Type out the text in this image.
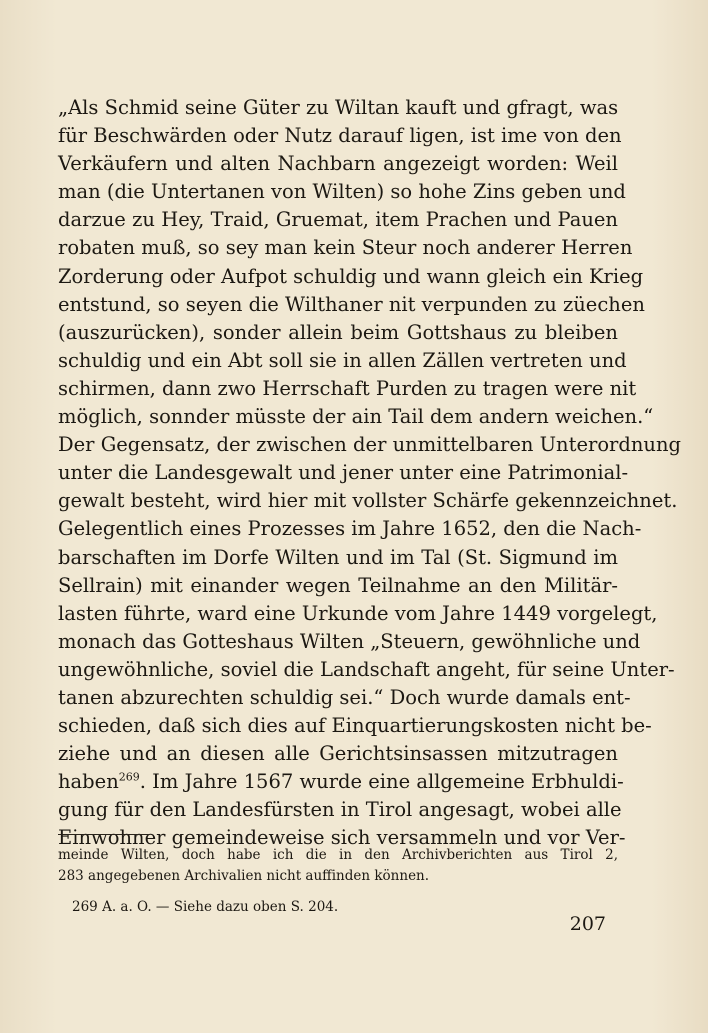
„Als Schmid seine Güter zu Wiltan kauft und gfragt, was
für Beschwärden oder Nutz darauf ligen, ist ime von den
Verkäufern und alten Nachbarn angezeigt worden: Weil
man (die Untertanen von Wilten) so hohe Zins geben und
darzue zu Hey, Traid, Gruemat, item Prachen und Pauen
robaten muß, so sey man kein Steur noch anderer Herren
Zorderung oder Aufpot schuldig und wann gleich ein Krieg
entstund, so seyen die Wilthaner nit verpunden zu züechen
(auszurücken), sonder allein beim Gottshaus zu bleiben
schuldig und ein Abt soll sie in allen Zällen vertreten und
schirmen, dann zwo Herrschaft Purden zu tragen were nit
möglich, sonnder müsste der ain Tail dem andern weichen.“
Der Gegensatz, der zwischen der unmittelbaren Unterordnung
unter die Landesgewalt und jener unter eine Patrimonial-
gewalt besteht, wird hier mit vollster Schärfe gekennzeichnet.
Gelegentlich eines Prozesses im Jahre 1652, den die Nach-
barschaften im Dorfe Wilten und im Tal (St. Sigmund im
Sellrain) mit einander wegen Teilnahme an den Militär-
lasten führte, ward eine Urkunde vom Jahre 1449 vorgelegt,
monach das Gotteshaus Wilten „Steuern, gewöhnliche und
ungewöhnliche, soviel die Landschaft angeht, für seine Unter-
tanen abzurechten schuldig sei.“ Doch wurde damals ent-
schieden, daß sich dies auf Einquartierungskosten nicht be-
ziehe und an diesen alle Gerichtsinsassen mitzutragen
haben$^{269}$. Im Jahre 1567 wurde eine allgemeine Erbhuldi-
gung für den Landesfürsten in Tirol angesagt, wobei alle
Einwohner gemeindeweise sich versammeln und vor Ver-
meinde Wilten, doch habe ich die in den Archivberichten aus Tirol 2,
283 angegebenen Archivalien nicht auffinden können.
269 A. a. O. — Siehe dazu oben S. 204.
207
